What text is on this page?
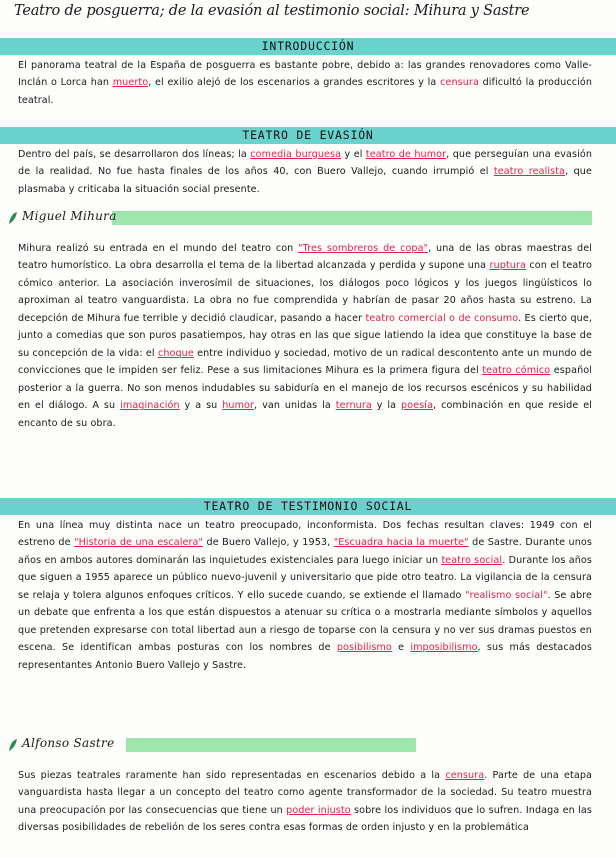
Teatro de posguerra; de la evasión al testimonio social: Mihura y Sastre
INTRODUCCIÓN

El panorama teatral de la España de posguerra es bastante pobre, debido a: las grandes renovadores como Valle-Inclán o Lorca han muerto, el exilio alejó de los escenarios a grandes escritores y la censura dificultó la producción teatral.

TEATRO DE EVASIÓN

Dentro del país, se desarrollaron dos líneas; la comedia burguesa y el teatro de humor, que perseguían una evasión de la realidad. No fue hasta finales de los años 40, con Buero Vallejo, cuando irrumpió el teatro realista, que plasmaba y criticaba la situación social presente.

Miguel Mihura

Mihura realizó su entrada en el mundo del teatro con "Tres sombreros de copa", una de las obras maestras del teatro humorístico. La obra desarrolla el tema de la libertad alcanzada y perdida y supone una ruptura con el teatro cómico anterior. La asociación inverosímil de situaciones, los diálogos poco lógicos y los juegos lingüísticos lo aproximan al teatro vanguardista. La obra no fue comprendida y habrían de pasar 20 años hasta su estreno. La decepción de Mihura fue terrible y decidió claudicar, pasando a hacer teatro comercial o de consumo. Es cierto que, junto a comedias que son puros pasatiempos, hay otras en las que sigue latiendo la idea que constituye la base de su concepción de la vida: el choque entre individuo y sociedad, motivo de un radical descontento ante un mundo de convicciones que le impiden ser feliz. Pese a sus limitaciones Mihura es la primera figura del teatro cómico español posterior a la guerra. No son menos indudables su sabiduría en el manejo de los recursos escénicos y su habilidad en el diálogo. A su imaginación y a su humor, van unidas la ternura y la poesía, combinación en que reside el encanto de su obra.

TEATRO DE TESTIMONIO SOCIAL

En una línea muy distinta nace un teatro preocupado, inconformista. Dos fechas resultan claves: 1949 con el estreno de "Historia de una escalera" de Buero Vallejo, y 1953, "Escuadra hacia la muerte" de Sastre. Durante unos años en ambos autores dominarán las inquietudes existenciales para luego iniciar un teatro social. Durante los años que siguen a 1955 aparece un público nuevo-juvenil y universitario que pide otro teatro. La vigilancia de la censura se relaja y tolera algunos enfoques críticos. Y ello sucede cuando, se extiende el llamado "realismo social". Se abre un debate que enfrenta a los que están dispuestos a atenuar su crítica o a mostrarla mediante símbolos y aquellos que pretenden expresarse con total libertad aun a riesgo de toparse con la censura y no ver sus dramas puestos en escena. Se identifican ambas posturas con los nombres de posibilismo e imposibilismo, sus más destacados representantes Antonio Buero Vallejo y Sastre.

Alfonso Sastre

Sus piezas teatrales raramente han sido representadas en escenarios debido a la censura. Parte de una etapa vanguardista hasta llegar a un concepto del teatro como agente transformador de la sociedad. Su teatro muestra una preocupación por las consecuencias que tiene un poder injusto sobre los individuos que lo sufren. Indaga en las diversas posibilidades de rebelión de los seres contra esas formas de orden injusto y en la problemática
